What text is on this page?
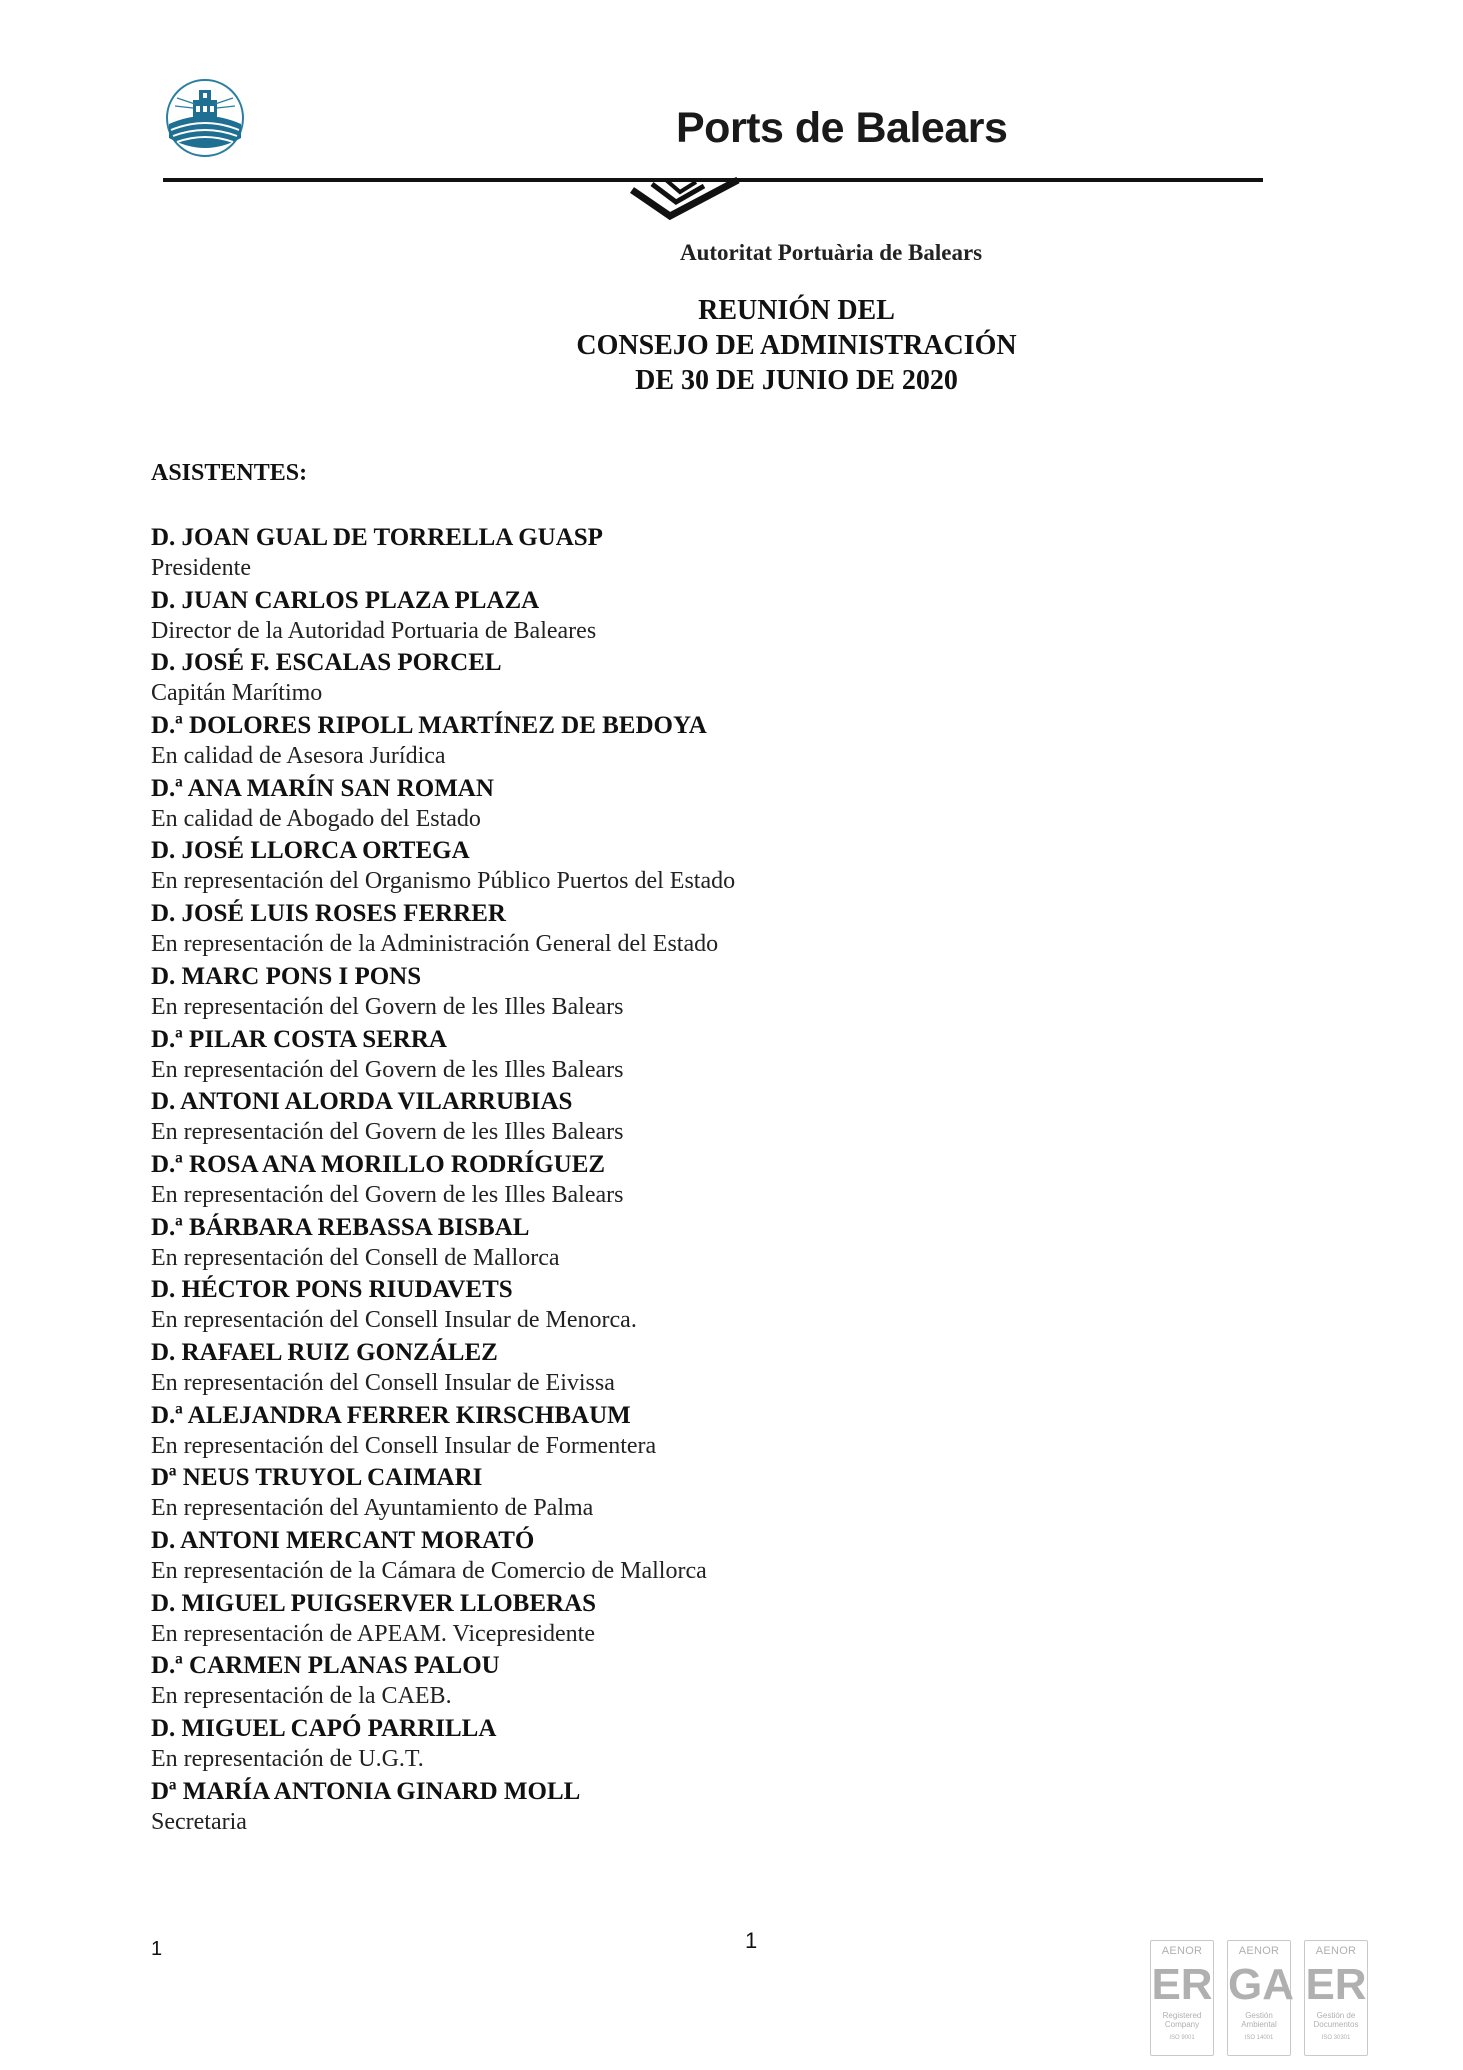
Ports de Balears
Autoritat Portuària de Balears
REUNIÓN DEL
CONSEJO DE ADMINISTRACIÓN
DE 30 DE JUNIO DE 2020
ASISTENTES:
D. JOAN GUAL DE TORRELLA GUASP
Presidente
D. JUAN CARLOS PLAZA PLAZA
Director de la Autoridad Portuaria de Baleares
D. JOSÉ F. ESCALAS PORCEL
Capitán Marítimo
D.ª DOLORES RIPOLL MARTÍNEZ DE BEDOYA
En calidad de Asesora Jurídica
D.ª ANA MARÍN SAN ROMAN
En calidad de Abogado del Estado
D. JOSÉ LLORCA ORTEGA
En representación del Organismo Público Puertos del Estado
D. JOSÉ LUIS ROSES FERRER
En representación de la Administración General del Estado
D. MARC PONS I PONS
En representación del Govern de les Illes Balears
D.ª PILAR COSTA SERRA
En representación del Govern de les Illes Balears
D. ANTONI ALORDA VILARRUBIAS
En representación del Govern de les Illes Balears
D.ª ROSA ANA MORILLO RODRÍGUEZ
En representación del Govern de les Illes Balears
D.ª BÁRBARA REBASSA BISBAL
En representación del Consell de Mallorca
D. HÉCTOR PONS RIUDAVETS
En representación del Consell Insular de Menorca.
D. RAFAEL RUIZ GONZÁLEZ
En representación del Consell Insular de Eivissa
D.ª ALEJANDRA FERRER KIRSCHBAUM
En representación del Consell Insular de Formentera
Dª NEUS TRUYOL CAIMARI
En representación del Ayuntamiento de Palma
D. ANTONI MERCANT MORATÓ
En representación de la Cámara de Comercio de Mallorca
D. MIGUEL PUIGSERVER LLOBERAS
En representación de APEAM. Vicepresidente
D.ª CARMEN PLANAS PALOU
En representación de la CAEB.
D. MIGUEL CAPÓ PARRILLA
En representación de U.G.T.
Dª MARÍA ANTONIA GINARD MOLL
Secretaria
1	1	AENOR
ER
Registered
Company
ISO 9001
AENOR
GA
Gestión
Ambiental
ISO 14001
AENOR
ER
Gestión de
Documentos
ISO 30301
